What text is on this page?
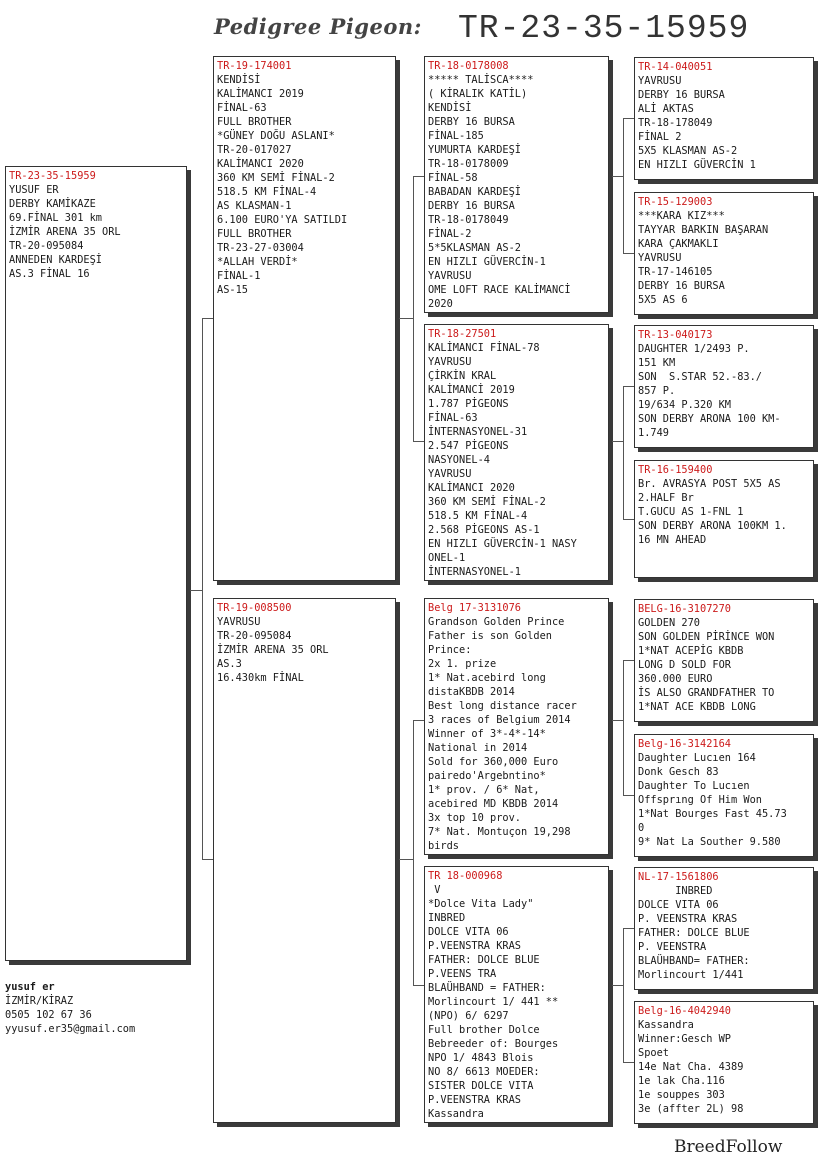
Pedigree Pigeon: TR-23-35-15959
TR-23-35-15959
YUSUF ER
DERBY KAMİKAZE
69.FİNAL 301 km
İZMİR ARENA 35 ORL
TR-20-095084
ANNEDEN KARDEŞİ
AS.3 FİNAL 16
TR-19-174001
KENDİSİ
KALİMANCI 2019
FİNAL-63
FULL BROTHER
*GÜNEY DOĞU ASLANI*
TR-20-017027
KALİMANCI 2020
360 KM SEMİ FİNAL-2
518.5 KM FİNAL-4
AS KLASMAN-1
6.100 EURO'YA SATILDI
FULL BROTHER
TR-23-27-03004
*ALLAH VERDİ*
FİNAL-1
AS-15
TR-19-008500
YAVRUSU
TR-20-095084
İZMİR ARENA 35 ORL
AS.3
16.430km FİNAL
TR-18-0178008
***** TALİSCA****
( KİRALIK KATİL)
KENDİSİ
DERBY 16 BURSA
FİNAL-185
YUMURTA KARDEŞİ
TR-18-0178009
FİNAL-58
BABADAN KARDEŞİ
DERBY 16 BURSA
TR-18-0178049
FİNAL-2
5*5KLASMAN AS-2
EN HIZLI GÜVERCİN-1
YAVRUSU
OME LOFT RACE KALİMANCİ
2020
TR-18-27501
KALİMANCI FİNAL-78
YAVRUSU
ÇİRKİN KRAL
KALİMANCİ 2019
1.787 PİGEONS
FİNAL-63
İNTERNASYONEL-31
2.547 PİGEONS
NASYONEL-4
YAVRUSU
KALİMANCI 2020
360 KM SEMİ FİNAL-2
518.5 KM FİNAL-4
2.568 PİGEONS AS-1
EN HIZLI GÜVERCİN-1 NASY
ONEL-1
İNTERNASYONEL-1
Belg 17-3131076
Grandson Golden Prince
Father is son Golden
Prince:
2x 1. prize
1* Nat.acebird long
distaKBDB 2014
Best long distance racer
3 races of Belgium 2014
Winner of 3*-4*-14*
National in 2014
Sold for 360,000 Euro
pairedo'Argebntino*
1* prov. / 6* Nat,
acebired MD KBDB 2014
3x top 10 prov.
7* Nat. Montuçon 19,298
birds
TR 18-000968
V
*Dolce Vita Lady"
INBRED
DOLCE VITA 06
P.VEENSTRA KRAS
FATHER: DOLCE BLUE
P.VEENS TRA
BLAÜHBAND = FATHER:
Morlincourt 1/ 441 **
(NPO) 6/ 6297
Full brother Dolce
Bebreeder of: Bourges
NPO 1/ 4843 Blois
NO 8/ 6613 MOEDER:
SISTER DOLCE VITA
P.VEENSTRA KRAS
Kassandra
TR-14-040051
YAVRUSU
DERBY 16 BURSA
ALİ AKTAS
TR-18-178049
FİNAL 2
5X5 KLASMAN AS-2
EN HIZLI GÜVERCİN 1
TR-15-129003
***KARA KIZ***
TAYYAR BARKIN BAŞARAN
KARA ÇAKMAKLI
YAVRUSU
TR-17-146105
DERBY 16 BURSA
5X5 AS 6
TR-13-040173
DAUGHTER 1/2493 P.
151 KM
SON  S.STAR 52.-83./
857 P.
19/634 P.320 KM
SON DERBY ARONA 100 KM-
1.749
TR-16-159400
Br. AVRASYA POST 5X5 AS
2.HALF Br
T.GUCU AS 1-FNL 1
SON DERBY ARONA 100KM 1.
16 MN AHEAD
BELG-16-3107270
GOLDEN 270
SON GOLDEN PİRİNCE WON
1*NAT ACEPİG KBDB
LONG D SOLD FOR
360.000 EURO
İS ALSO GRANDFATHER TO
1*NAT ACE KBDB LONG
Belg-16-3142164
Daughter Lucıen 164
Donk Gesch 83
Daughter To Lucıen
Offsprıng Of Him Won
1*Nat Bourges Fast 45.73
0
9* Nat La Souther 9.580
NL-17-1561806
INBRED
DOLCE VITA 06
P. VEENSTRA KRAS
FATHER: DOLCE BLUE
P. VEENSTRA
BLAÜHBAND= FATHER:
Morlincourt 1/441
Belg-16-4042940
Kassandra
Winner:Gesch WP
Spoet
14e Nat Cha. 4389
1e lak Cha.116
1e souppes 303
3e (affter 2L) 98
yusuf er
İZMİR/KİRAZ
0505 102 67 36
yyusuf.er35@gmail.com
BreedFollow
